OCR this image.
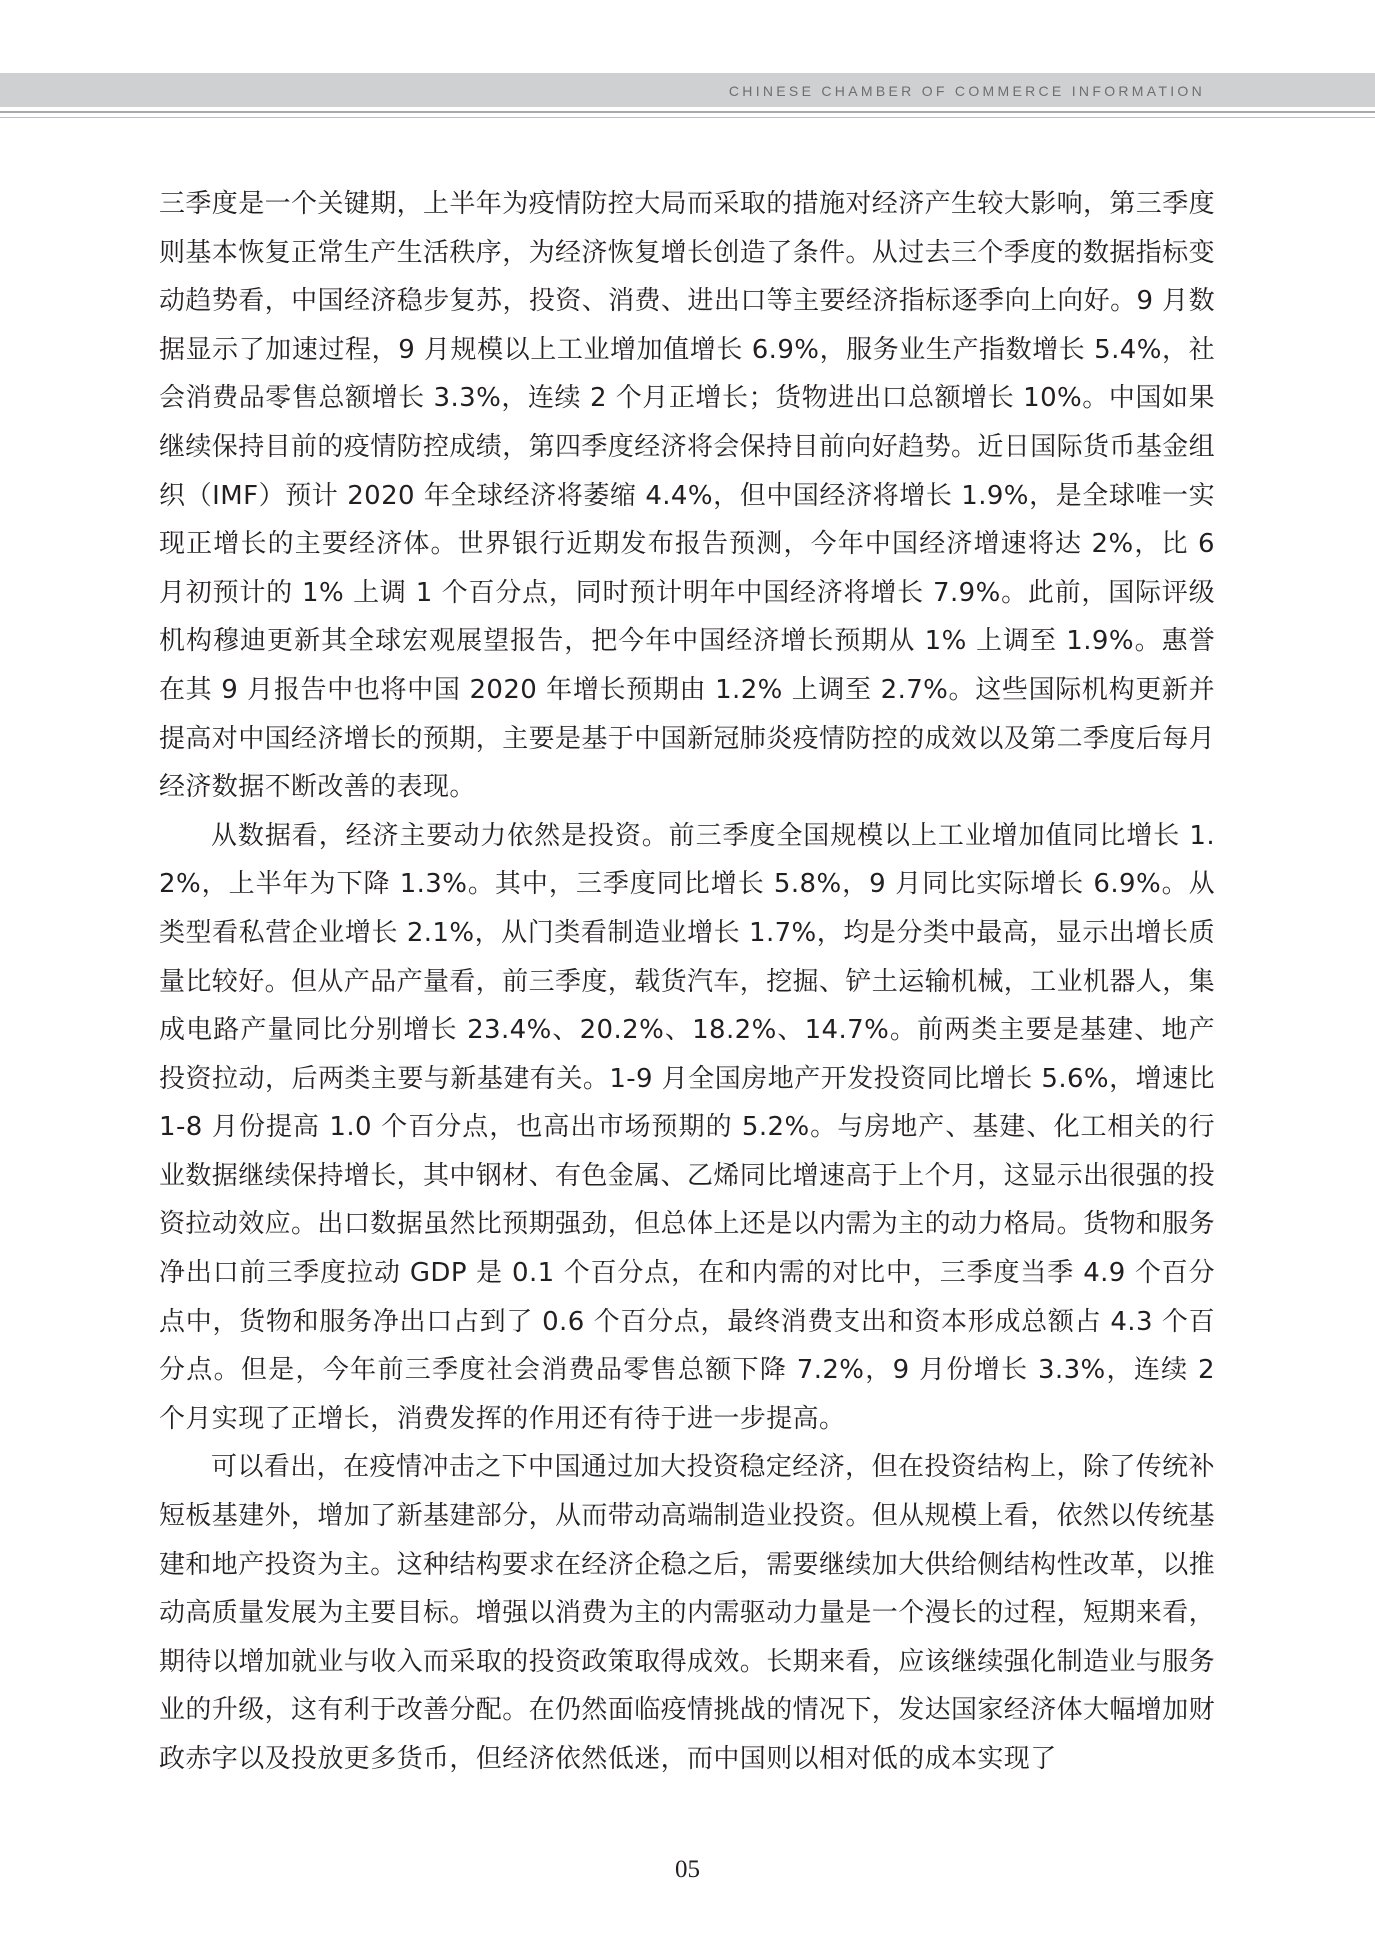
CHINESE CHAMBER OF COMMERCE INFORMATION

三季度是一个关键期，上半年为疫情防控大局而采取的措施对经济产生较大影响，第三季度则基本恢复正常生产生活秩序，为经济恢复增长创造了条件。从过去三个季度的数据指标变动趋势看，中国经济稳步复苏，投资、消费、进出口等主要经济指标逐季向上向好。9 月数据显示了加速过程，9 月规模以上工业增加值增长 6.9%，服务业生产指数增长 5.4%，社会消费品零售总额增长 3.3%，连续 2 个月正增长；货物进出口总额增长 10%。中国如果继续保持目前的疫情防控成绩，第四季度经济将会保持目前向好趋势。近日国际货币基金组织（IMF）预计 2020 年全球经济将萎缩 4.4%，但中国经济将增长 1.9%，是全球唯一实现正增长的主要经济体。世界银行近期发布报告预测，今年中国经济增速将达 2%，比 6 月初预计的 1% 上调 1 个百分点，同时预计明年中国经济将增长 7.9%。此前，国际评级机构穆迪更新其全球宏观展望报告，把今年中国经济增长预期从 1% 上调至 1.9%。惠誉在其 9 月报告中也将中国 2020 年增长预期由 1.2% 上调至 2.7%。这些国际机构更新并提高对中国经济增长的预期，主要是基于中国新冠肺炎疫情防控的成效以及第二季度后每月经济数据不断改善的表现。

从数据看，经济主要动力依然是投资。前三季度全国规模以上工业增加值同比增长 1.2%，上半年为下降 1.3%。其中，三季度同比增长 5.8%，9 月同比实际增长 6.9%。从类型看私营企业增长 2.1%，从门类看制造业增长 1.7%，均是分类中最高，显示出增长质量比较好。但从产品产量看，前三季度，载货汽车，挖掘、铲土运输机械，工业机器人，集成电路产量同比分别增长 23.4%、20.2%、18.2%、14.7%。前两类主要是基建、地产投资拉动，后两类主要与新基建有关。1-9 月全国房地产开发投资同比增长 5.6%，增速比 1-8 月份提高 1.0 个百分点，也高出市场预期的 5.2%。与房地产、基建、化工相关的行业数据继续保持增长，其中钢材、有色金属、乙烯同比增速高于上个月，这显示出很强的投资拉动效应。出口数据虽然比预期强劲，但总体上还是以内需为主的动力格局。货物和服务净出口前三季度拉动 GDP 是 0.1 个百分点，在和内需的对比中，三季度当季 4.9 个百分点中，货物和服务净出口占到了 0.6 个百分点，最终消费支出和资本形成总额占 4.3 个百分点。但是，今年前三季度社会消费品零售总额下降 7.2%，9 月份增长 3.3%，连续 2 个月实现了正增长，消费发挥的作用还有待于进一步提高。

可以看出，在疫情冲击之下中国通过加大投资稳定经济，但在投资结构上，除了传统补短板基建外，增加了新基建部分，从而带动高端制造业投资。但从规模上看，依然以传统基建和地产投资为主。这种结构要求在经济企稳之后，需要继续加大供给侧结构性改革，以推动高质量发展为主要目标。增强以消费为主的内需驱动力量是一个漫长的过程，短期来看，期待以增加就业与收入而采取的投资政策取得成效。长期来看，应该继续强化制造业与服务业的升级，这有利于改善分配。在仍然面临疫情挑战的情况下，发达国家经济体大幅增加财政赤字以及投放更多货币，但经济依然低迷，而中国则以相对低的成本实现了

05
